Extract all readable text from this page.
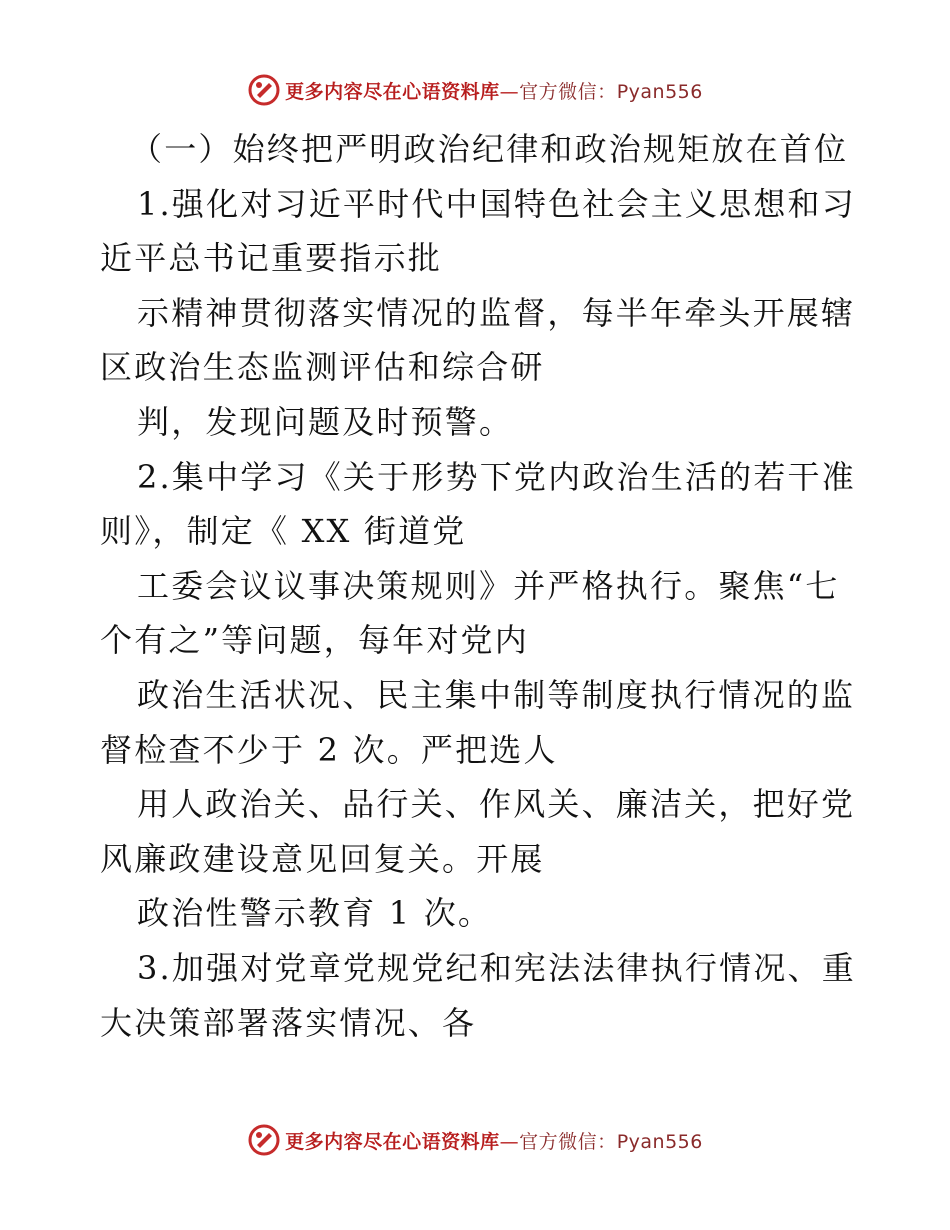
更多内容尽在心语资料库—官方微信：Pyan556
（一）始终把严明政治纪律和政治规矩放在首位
1.强化对习近平时代中国特色社会主义思想和习
近平总书记重要指示批
示精神贯彻落实情况的监督，每半年牵头开展辖
区政治生态监测评估和综合研
判，发现问题及时预警。
2.集中学习《关于形势下党内政治生活的若干准
则》，制定《 XX 街道党
工委会议议事决策规则》并严格执行。聚焦“七
个有之”等问题，每年对党内
政治生活状况、民主集中制等制度执行情况的监
督检查不少于 2 次。严把选人
用人政治关、品行关、作风关、廉洁关，把好党
风廉政建设意见回复关。开展
政治性警示教育 1 次。
3.加强对党章党规党纪和宪法法律执行情况、重
大决策部署落实情况、各
更多内容尽在心语资料库—官方微信：Pyan556
